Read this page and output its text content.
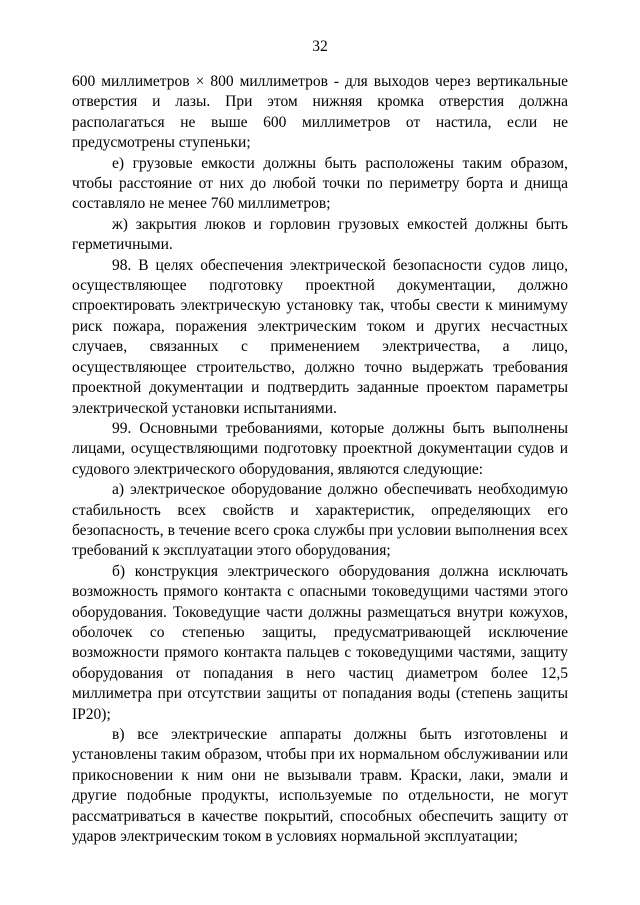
32

600 миллиметров × 800 миллиметров - для выходов через вертикальные отверстия и лазы. При этом нижняя кромка отверстия должна располагаться не выше 600 миллиметров от настила, если не предусмотрены ступеньки;

е) грузовые емкости должны быть расположены таким образом, чтобы расстояние от них до любой точки по периметру борта и днища составляло не менее 760 миллиметров;

ж) закрытия люков и горловин грузовых емкостей должны быть герметичными.

98. В целях обеспечения электрической безопасности судов лицо, осуществляющее подготовку проектной документации, должно спроектировать электрическую установку так, чтобы свести к минимуму риск пожара, поражения электрическим током и других несчастных случаев, связанных с применением электричества, а лицо, осуществляющее строительство, должно точно выдержать требования проектной документации и подтвердить заданные проектом параметры электрической установки испытаниями.

99. Основными требованиями, которые должны быть выполнены лицами, осуществляющими подготовку проектной документации судов и судового электрического оборудования, являются следующие:

а) электрическое оборудование должно обеспечивать необходимую стабильность всех свойств и характеристик, определяющих его безопасность, в течение всего срока службы при условии выполнения всех требований к эксплуатации этого оборудования;

б) конструкция электрического оборудования должна исключать возможность прямого контакта с опасными токоведущими частями этого оборудования. Токоведущие части должны размещаться внутри кожухов, оболочек со степенью защиты, предусматривающей исключение возможности прямого контакта пальцев с токоведущими частями, защиту оборудования от попадания в него частиц диаметром более 12,5 миллиметра при отсутствии защиты от попадания воды (степень защиты IP20);

в) все электрические аппараты должны быть изготовлены и установлены таким образом, чтобы при их нормальном обслуживании или прикосновении к ним они не вызывали травм. Краски, лаки, эмали и другие подобные продукты, используемые по отдельности, не могут рассматриваться в качестве покрытий, способных обеспечить защиту от ударов электрическим током в условиях нормальной эксплуатации;
